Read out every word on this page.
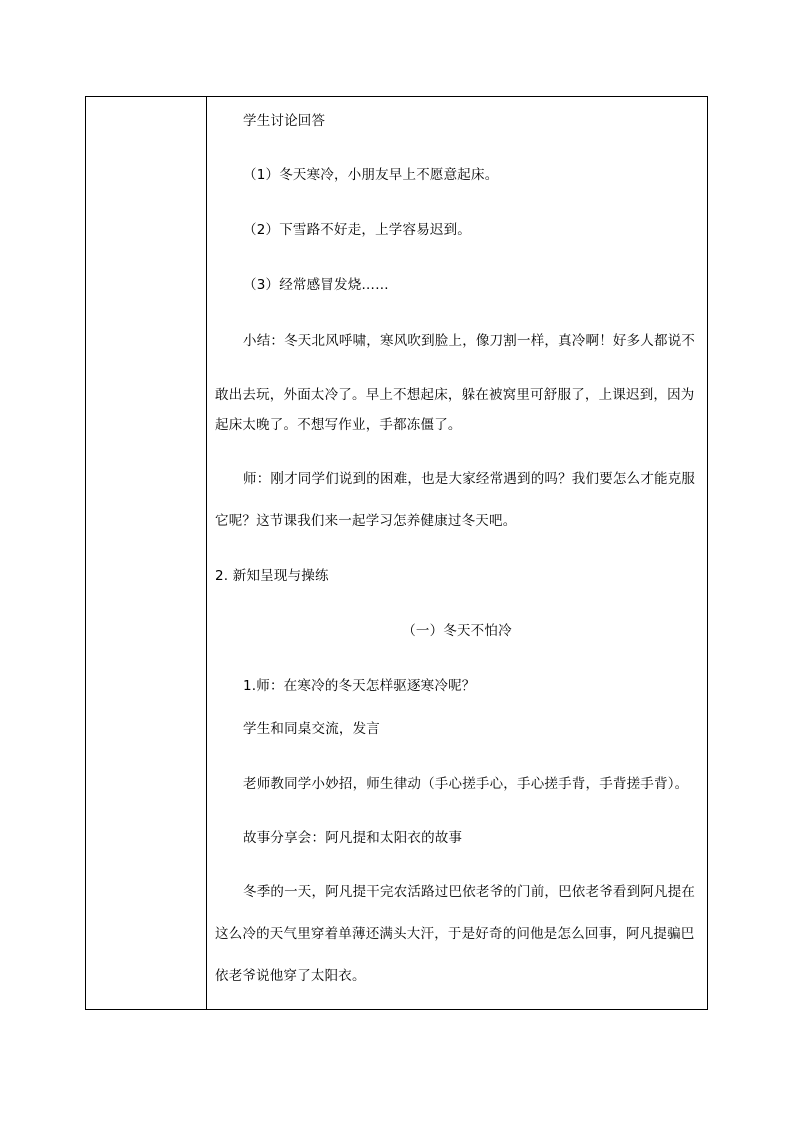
学生讨论回答
（1）冬天寒冷，小朋友早上不愿意起床。
（2）下雪路不好走，上学容易迟到。
（3）经常感冒发烧……
小结：冬天北风呼啸，寒风吹到脸上，像刀割一样，真冷啊！好多人都说不
敢出去玩，外面太冷了。早上不想起床，躲在被窝里可舒服了，上课迟到，因为
起床太晚了。不想写作业，手都冻僵了。
师：刚才同学们说到的困难，也是大家经常遇到的吗？我们要怎么才能克服
它呢？这节课我们来一起学习怎养健康过冬天吧。
2. 新知呈现与操练
（一）冬天不怕冷
1.师：在寒冷的冬天怎样驱逐寒冷呢？
学生和同桌交流，发言
老师教同学小妙招，师生律动（手心搓手心，手心搓手背，手背搓手背）。
故事分享会：阿凡提和太阳衣的故事
冬季的一天，阿凡提干完农活路过巴依老爷的门前，巴依老爷看到阿凡提在
这么冷的天气里穿着单薄还满头大汗，于是好奇的问他是怎么回事，阿凡提骗巴
依老爷说他穿了太阳衣。
